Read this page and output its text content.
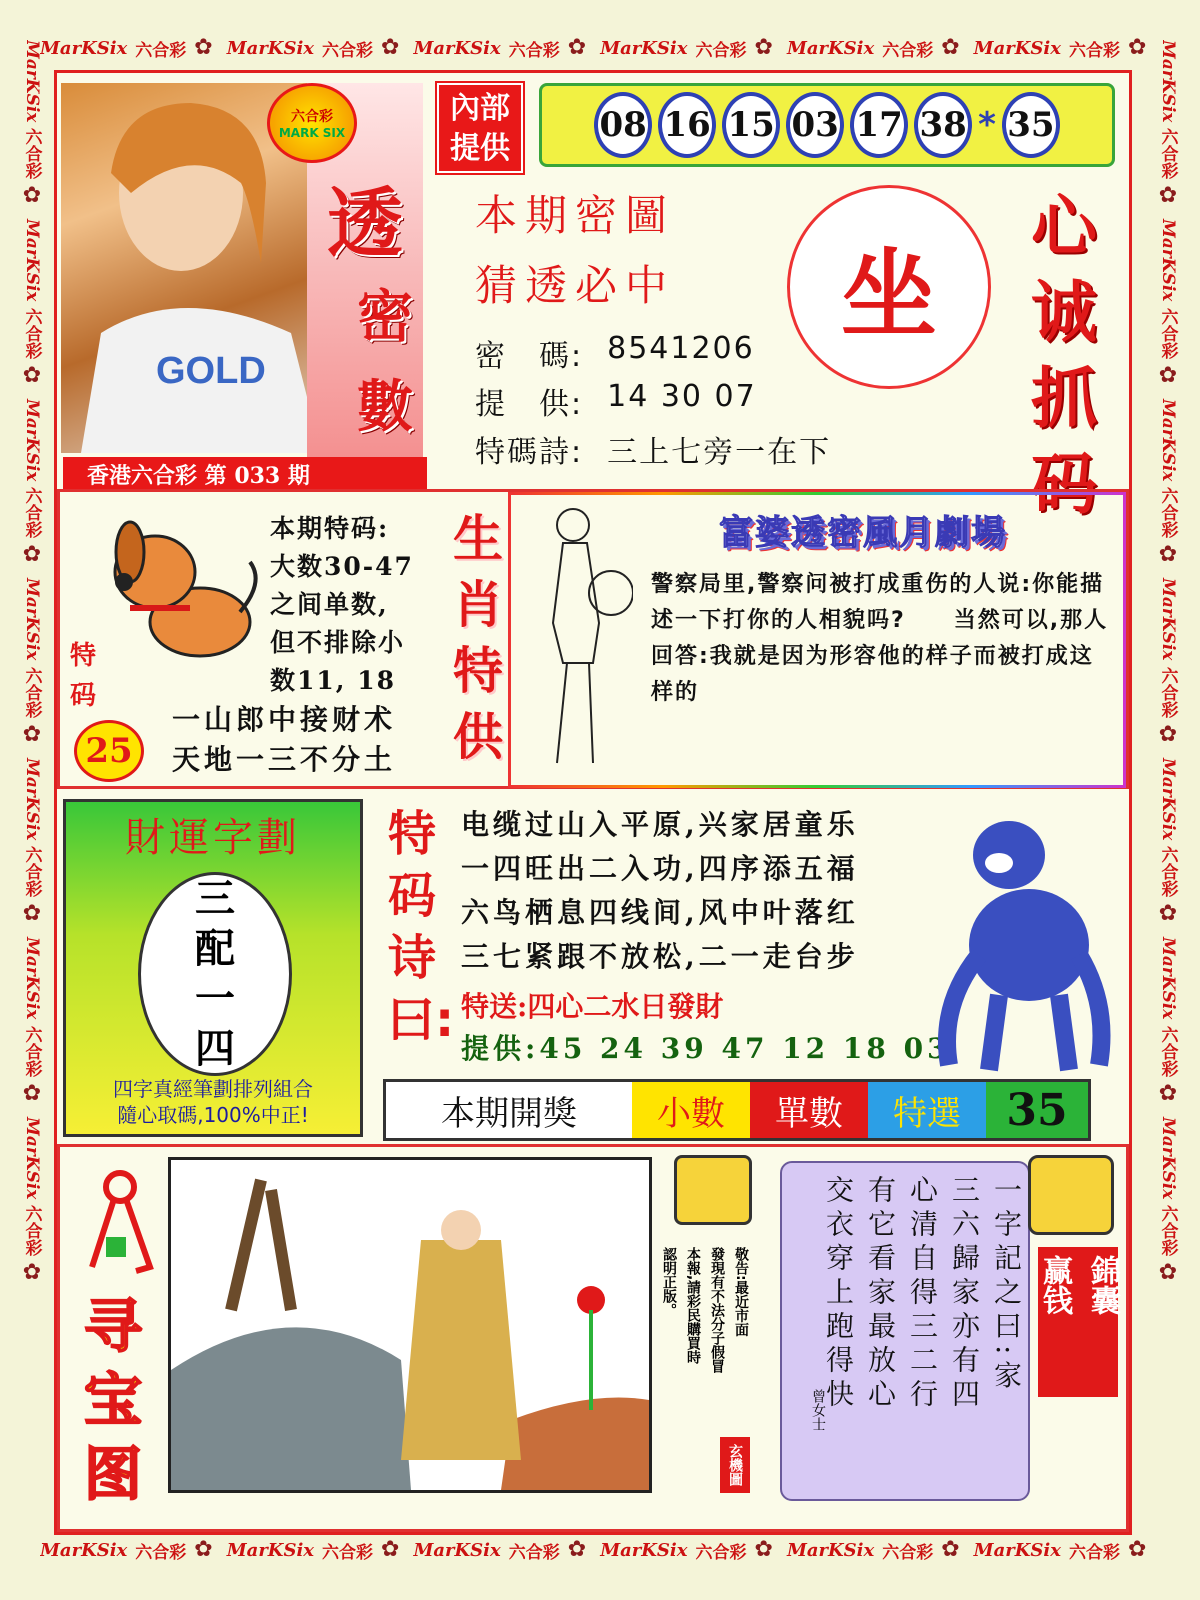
MarKSix 六合彩 ✿ MarKSix 六合彩 ✿ MarKSix 六合彩 ✿ MarKSix 六合彩 ✿ MarKSix 六合彩 ✿ MarKSix 六合彩 ✿
MarKSix 六合彩 ✿ MarKSix 六合彩 ✿ MarKSix 六合彩 ✿ MarKSix 六合彩 ✿ MarKSix 六合彩 ✿ MarKSix 六合彩 ✿
MarKSix
六合彩
✿
MarKSix
六合彩
✿
MarKSix
六合彩
✿
MarKSix
六合彩
✿
MarKSix
六合彩
✿
MarKSix
六合彩
✿
MarKSix
六合彩
✿
MarKSix
六合彩
✿
MarKSix
六合彩
✿
MarKSix
六合彩
✿
MarKSix
六合彩
✿
MarKSix
六合彩
✿
MarKSix
六合彩
✿
MarKSix
六合彩
✿
GOLD
六合彩
MARK SIX
透
密
數
香港六合彩 第 033 期
內部提供
08 16 15 03 17 38 * 35
本期密圖
猜透必中	坐
密　碼: 8541206
提　供: 14 30 07
特碼詩: 三上七旁一在下
心诚抓码
本期特码:
大数30-47
之间单数,
但不排除小
数11, 18
一山郎中接财术
天地一三不分土
特码
25
生肖特供
富婆透密風月劇場
警察局里,警察问被打成重伤的人说:你能描述一下打你的人相貌吗?　　当然可以,那人回答:我就是因为形容他的样子而被打成这样的
財運字劃
三
配
一
四
四字真經筆劃排列組合
隨心取碼,100%中正!
特码诗曰:
电缆过山入平原,兴家居童乐
一四旺出二入功,四序添五福
六鸟栖息四线间,风中叶落红
三七紧跟不放松,二一走台步
特送:四心二水日發財
提供:45 24 39 47 12 18 03
本期開獎	小數	單數	特選	35
寻宝图
敬告:最近市面
發現有不法分子假冒
本報,請彩民購買時
認明正版。
玄機圖
一字記之曰:家
三六歸家亦有四
心清自得三二行
有它看家最放心
交衣穿上跑得快
曾女士
錦囊
赢钱
